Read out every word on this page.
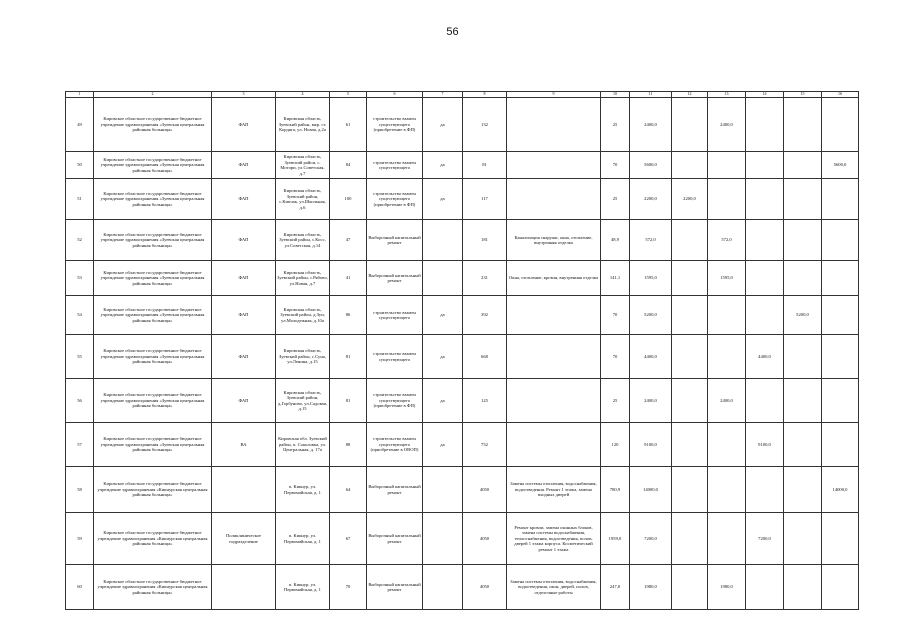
56
1	2	3	4	5	6	7	8	9	10	11	12	13	14	15	16
49	Кировское областное государственное бюджетное учреждение здравоохранения «Зуевская центральная районная больница»	ФАП	Кировская область, Зуевский район, мкр. ст. Кордяга, ул. Новая, д.2а	61	строительство взамен существующего (приобретение в ФП)	да	132		25	2400,0		2400,0			
50	Кировское областное государственное бюджетное учреждение здравоохранения «Зуевская центральная районная больница»	ФАП	Кировская область, Зуевский район, с. Мотори, ул.Советская, д.7	84	строительство взамен существующего	да	81		70	5600,0					5600,0
51	Кировское областное государственное бюджетное учреждение здравоохранения «Зуевская центральная районная больница»	ФАП	Кировская область, Зуевский район, с.Кипчак, ул.Школьная, д.6	100	строительство взамен существующего (приобретение в ФП)	да	117		25	2200,0	2200,0				
52	Кировское областное государственное бюджетное учреждение здравоохранения «Зуевская центральная районная больница»	ФАП	Кировская область, Зуевский район, с.Косс, ул.Советская, д.14	47	Выборочный капитальный ремонт		181	Канализация снаружи, окна, отопление, внутренняя отделка	48,9	572,0		572,0			
53	Кировское областное государственное бюджетное учреждение здравоохранения «Зуевская центральная районная больница»	ФАП	Кировская область, Зуевский район, с.Рябово, ул.Новая, д.7	41	Выборочный капитальный ремонт		231	Окна, отопление, кровля, внутренняя отделка	141,1	1595,0		1595,0			
54	Кировское областное государственное бюджетное учреждение здравоохранения «Зуевская центральная районная больница»	ФАП	Кировская область, Зуевский район, д.Зуи, ул.Молодежная, д.10а	86	строительство взамен существующего	да	392		70	5200,0				5200,0	
55	Кировское областное государственное бюджетное учреждение здравоохранения «Зуевская центральная районная больница»	ФАП	Кировская область, Зуевский район, с.Суна, ул.Ленина, д.15	81	строительство взамен существующего	да	668		70	4400,0			4400,0		
56	Кировское областное государственное бюджетное учреждение здравоохранения «Зуевская центральная районная больница»	ФАП	Кировская область, Зуевский район, д.Горбуново, ул.Садовая, д.15	81	строительство взамен существующего (приобретение в ФП)	да	125		25	2400,0		2400,0			
57	Кировское областное государственное бюджетное учреждение здравоохранения «Зуевская центральная районная больница»	ВА	Кировская обл. Зуевский район, п. Соколовка, ул. Центральная, д. 17а	88	строительство взамен существующего (приобретение в ОВОП)	да	752		120	9100,0			9100,0		
58	Кировское областное государственное бюджетное учреждение здравоохранения «Кикнурская центральная районная больница»		п. Кикнур, ул. Первомайская, д. 1	64	Выборочный капитальный ремонт		4050	Замена системы отопления, водоснабжения, водоотведения. Ремонт 1 этажа, замена входных дверей	780,9	14000,0					14000,0
59	Кировское областное государственное бюджетное учреждение здравоохранения «Кикнурская центральная районная больница»	Поликлиническое подразделение	п. Кикнур, ул. Первомайская, д. 1	67	Выборочный капитальный ремонт		4050	Ремонт кровли, замена оконных блоков, замена системы водоснабжения, теплоснабжения, водоотведения, полов, дверей 1 этажа корпуса. Косметический ремонт 1 этажа	1959,0	7200,0			7200,0		
60	Кировское областное государственное бюджетное учреждение здравоохранения «Кикнурская центральная районная больница»		п. Кикнур, ул. Первомайская, д. 1	70	Выборочный капитальный ремонт		4050	Замена системы отопления, водоснабжения, водоотведения, окон, дверей, полов, отделочные работы	247,0	1980,0		1980,0			
